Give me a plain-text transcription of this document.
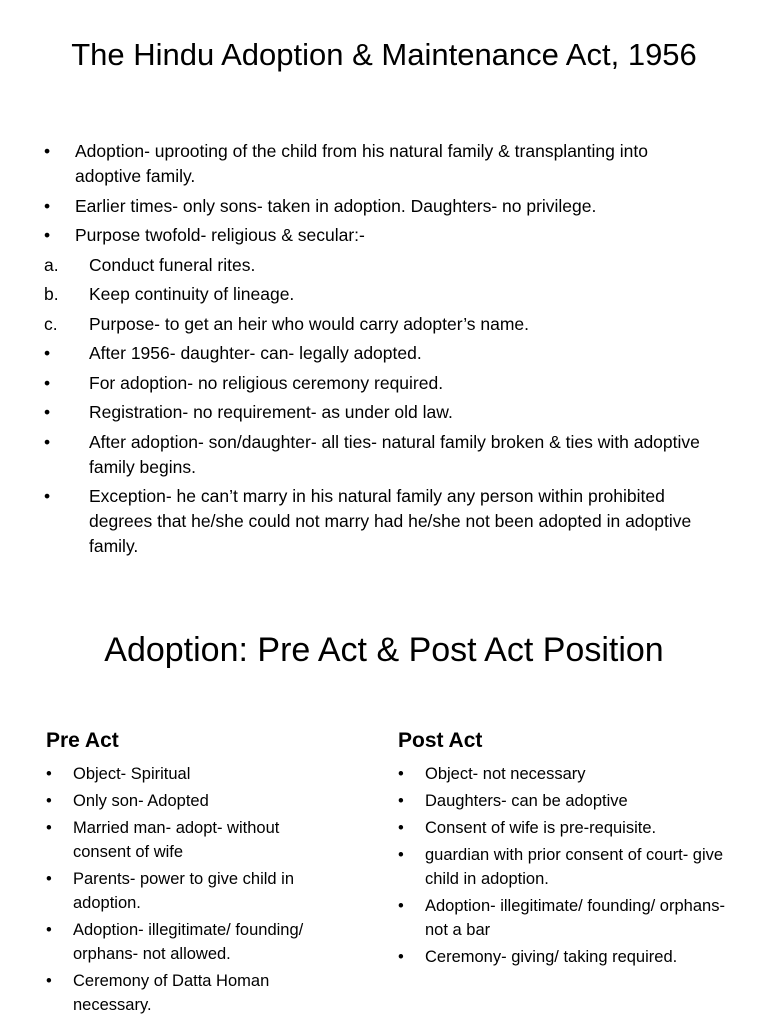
The Hindu Adoption & Maintenance Act, 1956
• Adoption- uprooting of the child from his natural family & transplanting into adoptive family.
• Earlier times- only sons- taken in adoption. Daughters- no privilege.
• Purpose twofold- religious & secular:-
a. Conduct funeral rites.
b. Keep continuity of lineage.
c. Purpose- to get an heir who would carry adopter’s name.
• After 1956- daughter- can- legally adopted.
• For adoption- no religious ceremony required.
• Registration- no requirement- as under old law.
• After adoption- son/daughter- all ties- natural family broken & ties with adoptive family begins.
• Exception- he can’t marry in his natural family any person within prohibited degrees that he/she could not marry had he/she not been adopted in adoptive family.
Adoption: Pre Act & Post Act Position
Pre Act
• Object- Spiritual
• Only son- Adopted
• Married man- adopt- without consent of wife
• Parents- power to give child in adoption.
• Adoption- illegitimate/ founding/ orphans- not allowed.
• Ceremony of Datta Homan necessary.
Post Act
• Object- not necessary
• Daughters- can be adoptive
• Consent of wife is pre-requisite.
• guardian with prior consent of court- give child in adoption.
• Adoption- illegitimate/ founding/ orphans- not a bar
• Ceremony- giving/ taking required.
